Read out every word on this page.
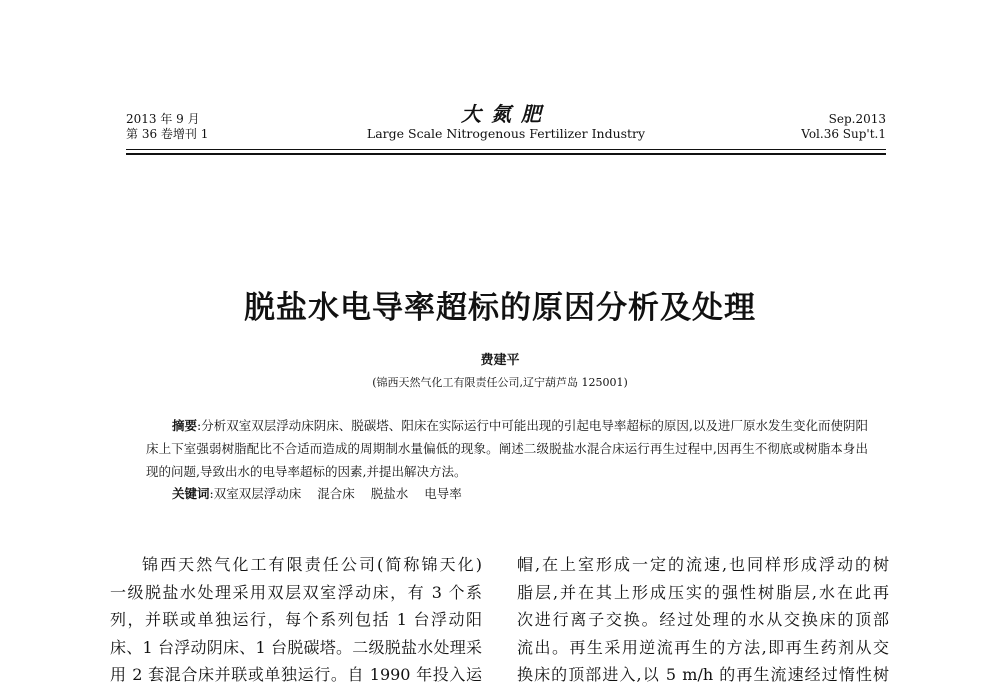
2013 年 9 月
第 36 卷增刊 1
大氮肥
Large Scale Nitrogenous Fertilizer Industry
Sep.2013
Vol.36 Sup't.1
脱盐水电导率超标的原因分析及处理
费建平
(锦西天然气化工有限责任公司,辽宁葫芦岛 125001)

摘要:分析双室双层浮动床阴床、脱碳塔、阳床在实际运行中可能出现的引起电导率超标的原因,以及进厂原水发生变化而使阴阳床上下室强弱树脂配比不合适而造成的周期制水量偏低的现象。阐述二级脱盐水混合床运行再生过程中,因再生不彻底或树脂本身出现的问题,导致出水的电导率超标的因素,并提出解决方法。

关键词:双室双层浮动床 混合床 脱盐水 电导率
锦西天然气化工有限责任公司(简称锦天化)
一级脱盐水处理采用双层双室浮动床，有 3 个系
列，并联或单独运行，每个系列包括 1 台浮动阳
床、1 台浮动阴床、1 台脱碳塔。二级脱盐水处理采
用 2 套混合床并联或单独运行。自 1990 年投入运
帽,在上室形成一定的流速,也同样形成浮动的树
脂层,并在其上形成压实的强性树脂层,水在此再
次进行离子交换。经过处理的水从交换床的顶部
流出。再生采用逆流再生的方法,即再生药剂从交
换床的顶部进入,以 5 m/h 的再生流速经过惰性树
